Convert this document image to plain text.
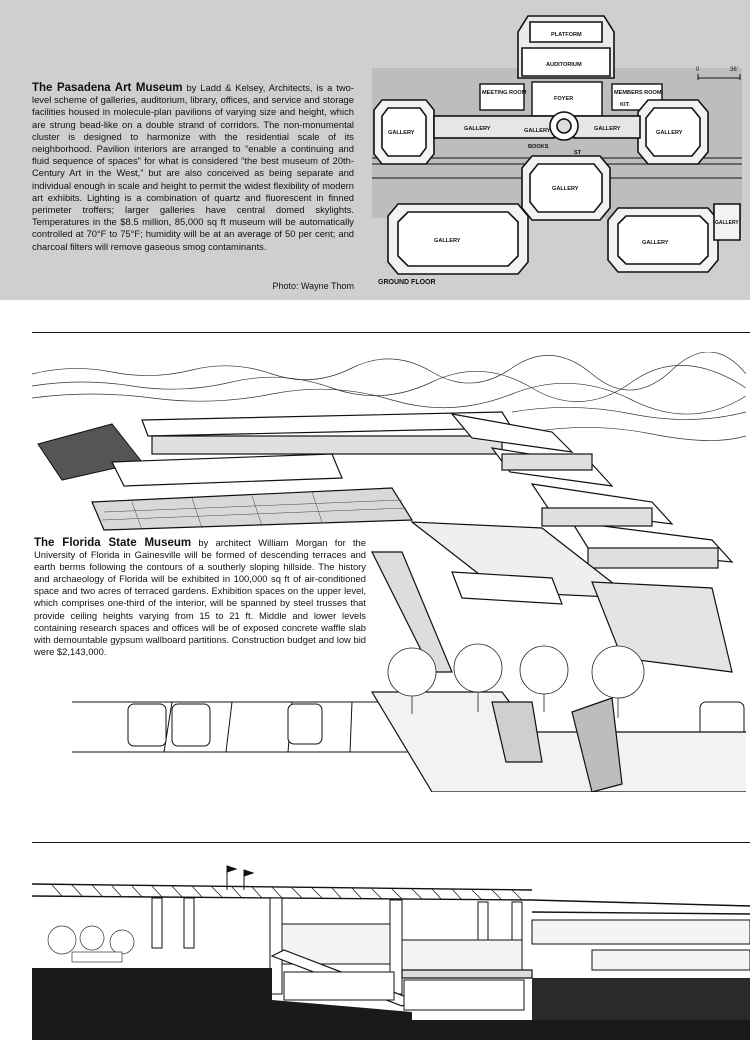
The Pasadena Art Museum by Ladd & Kelsey, Architects, is a two-level scheme of galleries, auditorium, library, offices, and service and storage facilities housed in molecule-plan pavilions of varying size and height, which are strung bead-like on a double strand of corridors. The non-monumental cluster is designed to harmonize with the residential scale of its neighborhood. Pavilion interiors are arranged to “enable a continuing and fluid sequence of spaces” for what is considered “the best museum of 20th-Century Art in the West,” but are also conceived as being separate and individual enough in scale and height to permit the widest flexibility of modern art exhibits. Lighting is a combination of quartz and fluorescent in finned perimeter troffers; larger galleries have central domed skylights. Temperatures in the $8.5 million, 85,000 sq ft museum will be automatically controlled at 70°F to 75°F; humidity will be at an average of 50 per cent; and charcoal filters will remove gaseous smog contaminants.
Photo: Wayne Thom
0	36'
PLATFORM
AUDITORIUM
MEETING ROOM
FOYER
MEMBERS ROOM
KIT.
GALLERY
GALLERY	GALLERY	GALLERY
GALLERY
BOOKS
ST
GALLERY
GALLERY	GALLERY
GALLERY
GROUND FLOOR
The Florida State Museum by architect William Morgan for the University of Florida in Gainesville will be formed of descending terraces and earth berms following the contours of a southerly sloping hillside. The history and archaeology of Florida will be exhibited in 100,000 sq ft of air-conditioned space and two acres of terraced gardens. Exhibition spaces on the upper level, which comprises one-third of the interior, will be spanned by steel trusses that provide ceiling heights varying from 15 to 21 ft. Middle and lower levels containing research spaces and offices will be of exposed concrete waffle slab with demountable gypsum wallboard partitions. Construction budget and low bid were $2,143,000.
